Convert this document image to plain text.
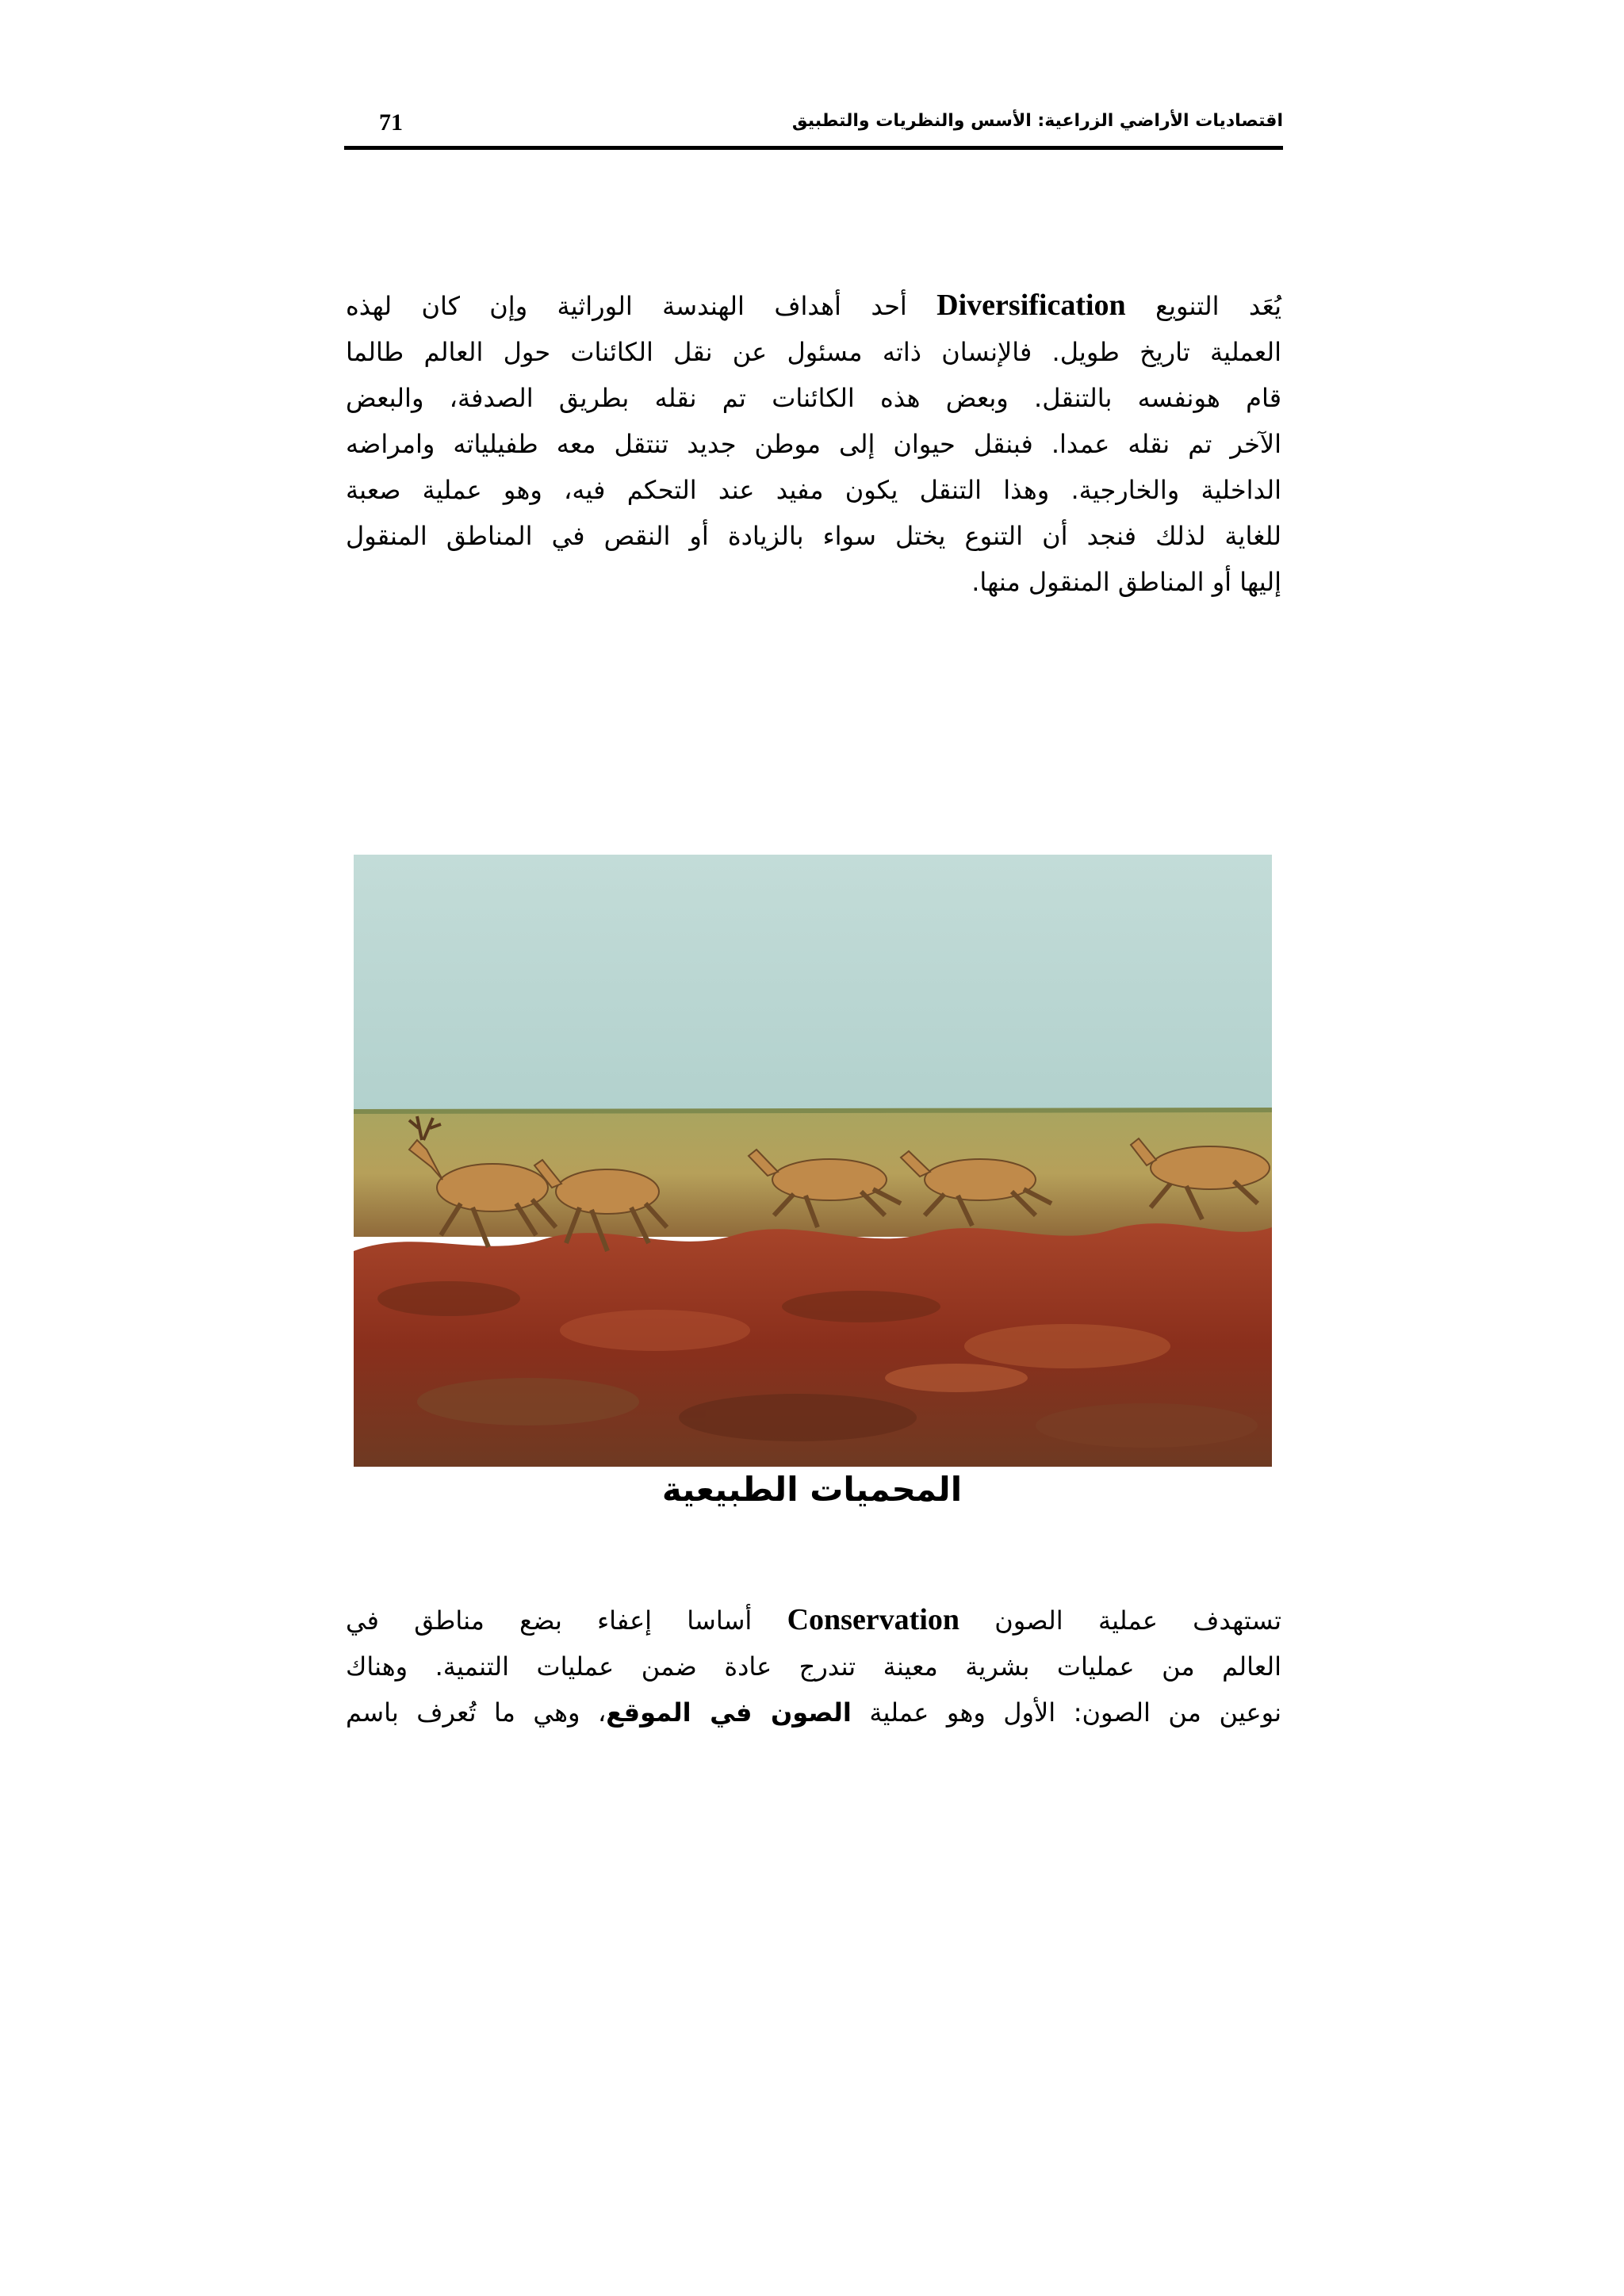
71	اقتصاديات الأراضي الزراعية: الأسس والنظريات والتطبيق
يُعَد التنويع Diversification أحد أهداف الهندسة الوراثية وإن كان لهذه
العملية تاريخ طويل. فالإنسان ذاته مسئول عن نقل الكائنات حول العالم طالما
قام هونفسه بالتنقل. وبعض هذه الكائنات تم نقله بطريق الصدفة، والبعض
الآخر تم نقله عمدا. فبنقل حيوان إلى موطن جديد تنتقل معه طفيلياته وامراضه
الداخلية والخارجية. وهذا التنقل يكون مفيد عند التحكم فيه، وهو عملية صعبة
للغاية لذلك فنجد أن التنوع يختل سواء بالزيادة أو النقص في المناطق المنقول
إليها أو المناطق المنقول منها.
المحميات الطبيعية
تستهدف عملية الصون Conservation أساسا إعفاء بضع مناطق في
العالم من عمليات بشرية معينة تندرج عادة ضمن عمليات التنمية. وهناك
نوعين من الصون: الأول وهو عملية الصون في الموقع، وهي ما تُعرف باسم
